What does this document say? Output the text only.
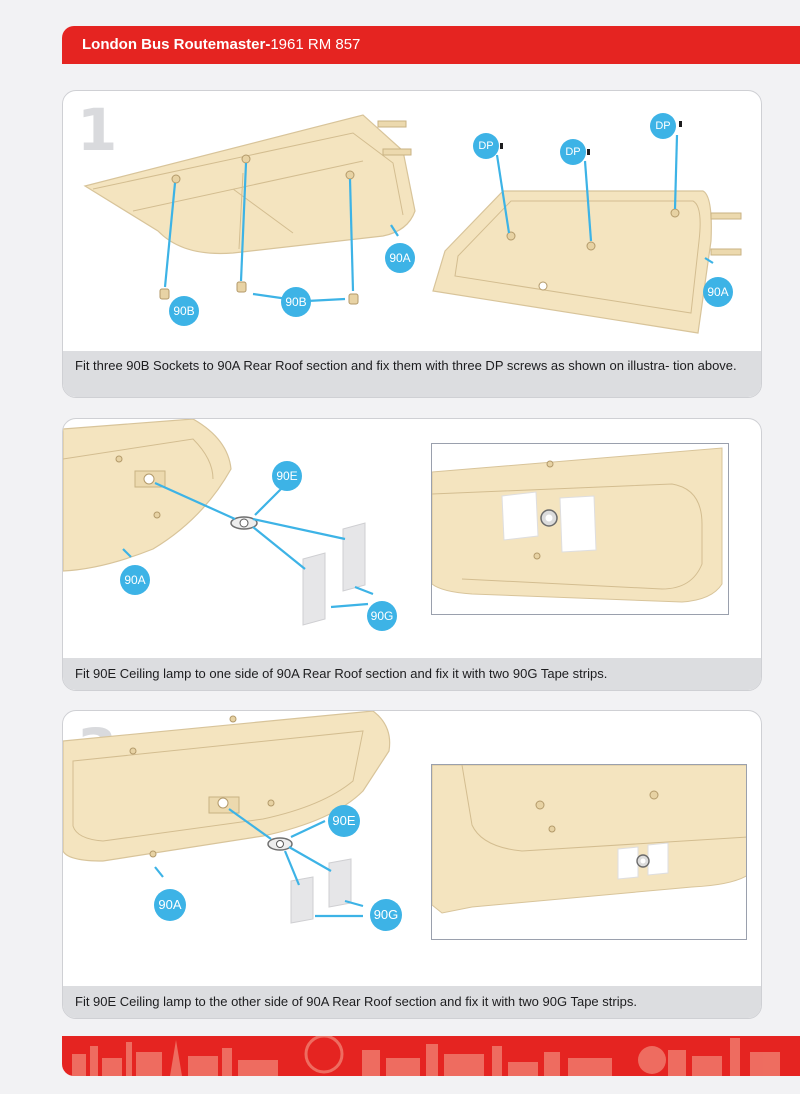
London Bus Routemaster-1961 RM 857
1
90A
90B
90B
90A
DP	DP
DP
Fit three 90B Sockets to 90A Rear Roof section and fix them with three DP screws as shown on illustra- tion above.
90A
90E
90G
Fit 90E Ceiling lamp to one side of 90A Rear Roof section and fix it with two 90G Tape strips.
90A
90E
90G
Fit 90E Ceiling lamp to the other side of 90A Rear Roof section and fix it with two 90G Tape strips.
